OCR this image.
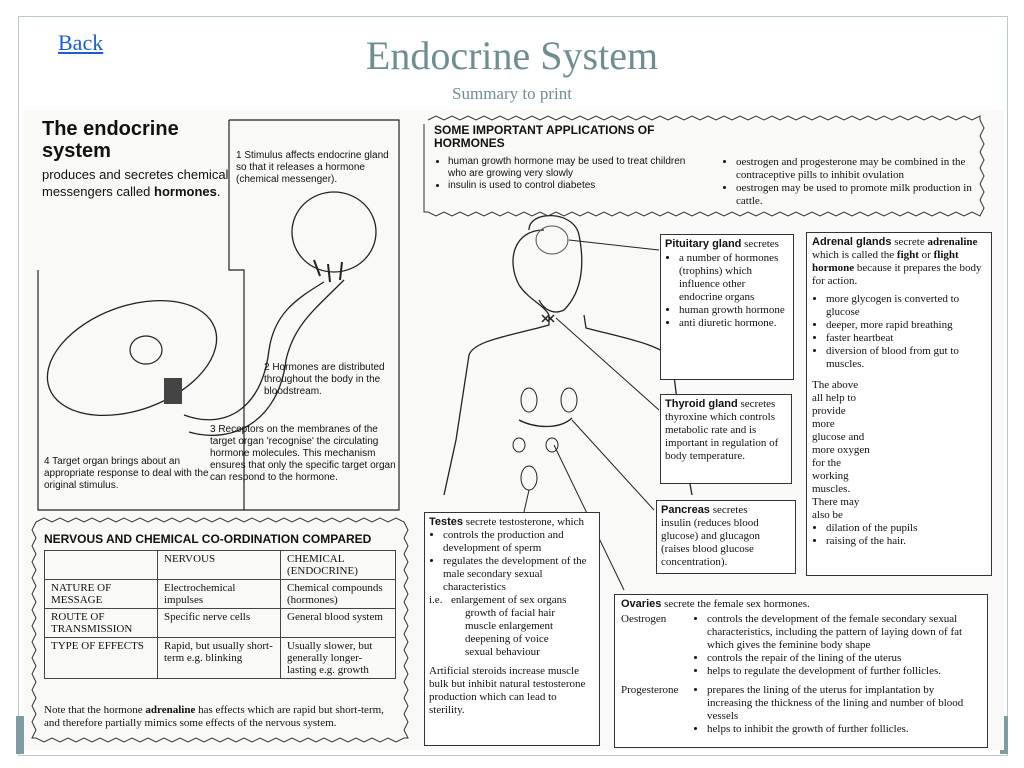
Back	Endocrine System
Summary to print
The endocrine system
produces and secretes chemical messengers called hormones.
1 Stimulus affects endocrine gland so that it releases a hormone (chemical messenger).
2 Hormones are distributed throughout the body in the bloodstream.
3 Receptors on the membranes of the target organ 'recognise' the circulating hormone molecules. This mechanism ensures that only the specific target organ can respond to the hormone.
4 Target organ brings about an appropriate response to deal with the original stimulus.
SOME IMPORTANT APPLICATIONS OF HORMONES
• human growth hormone may be used to treat children who are growing very slowly
• insulin is used to control diabetes
• oestrogen and progesterone may be combined in the contraceptive pills to inhibit ovulation
• oestrogen may be used to promote milk production in cattle.
Pituitary gland secretes
• a number of hormones (trophins) which influence other endocrine organs
• human growth hormone
• anti diuretic hormone.
Thyroid gland secretes
thyroxine which controls metabolic rate and is important in regulation of body temperature.
Pancreas secretes
insulin (reduces blood glucose) and glucagon (raises blood glucose concentration).
Adrenal glands secrete adrenaline which is called the fight or flight hormone because it prepares the body for action.
• more glycogen is converted to glucose
• deeper, more rapid breathing
• faster heartbeat
• diversion of blood from gut to muscles.
The above all help to provide more glucose and more oxygen for the working muscles. There may also be
• dilation of the pupils
• raising of the hair.
Testes secrete testosterone, which
• controls the production and development of sperm
• regulates the development of the male secondary sexual characteristics
i.e. enlargement of sex organs
growth of facial hair
muscle enlargement
deepening of voice
sexual behaviour
Artificial steroids increase muscle bulk but inhibit natural testosterone production which can lead to sterility.
Ovaries secrete the female sex hormones.
Oestrogen	• controls the development of the female secondary sexual characteristics, including the pattern of laying down of fat which gives the feminine body shape
• controls the repair of the lining of the uterus
• helps to regulate the development of further follicles.
Progesterone	• prepares the lining of the uterus for implantation by increasing the thickness of the lining and number of blood vessels
• helps to inhibit the growth of further follicles.
NERVOUS AND CHEMICAL CO-ORDINATION COMPARED
	NERVOUS	CHEMICAL (ENDOCRINE)
NATURE OF MESSAGE	Electrochemical impulses	Chemical compounds (hormones)
ROUTE OF TRANSMISSION	Specific nerve cells	General blood system
TYPE OF EFFECTS	Rapid, but usually short-term e.g. blinking	Usually slower, but generally longer-lasting e.g. growth
Note that the hormone adrenaline has effects which are rapid but short-term, and therefore partially mimics some effects of the nervous system.
